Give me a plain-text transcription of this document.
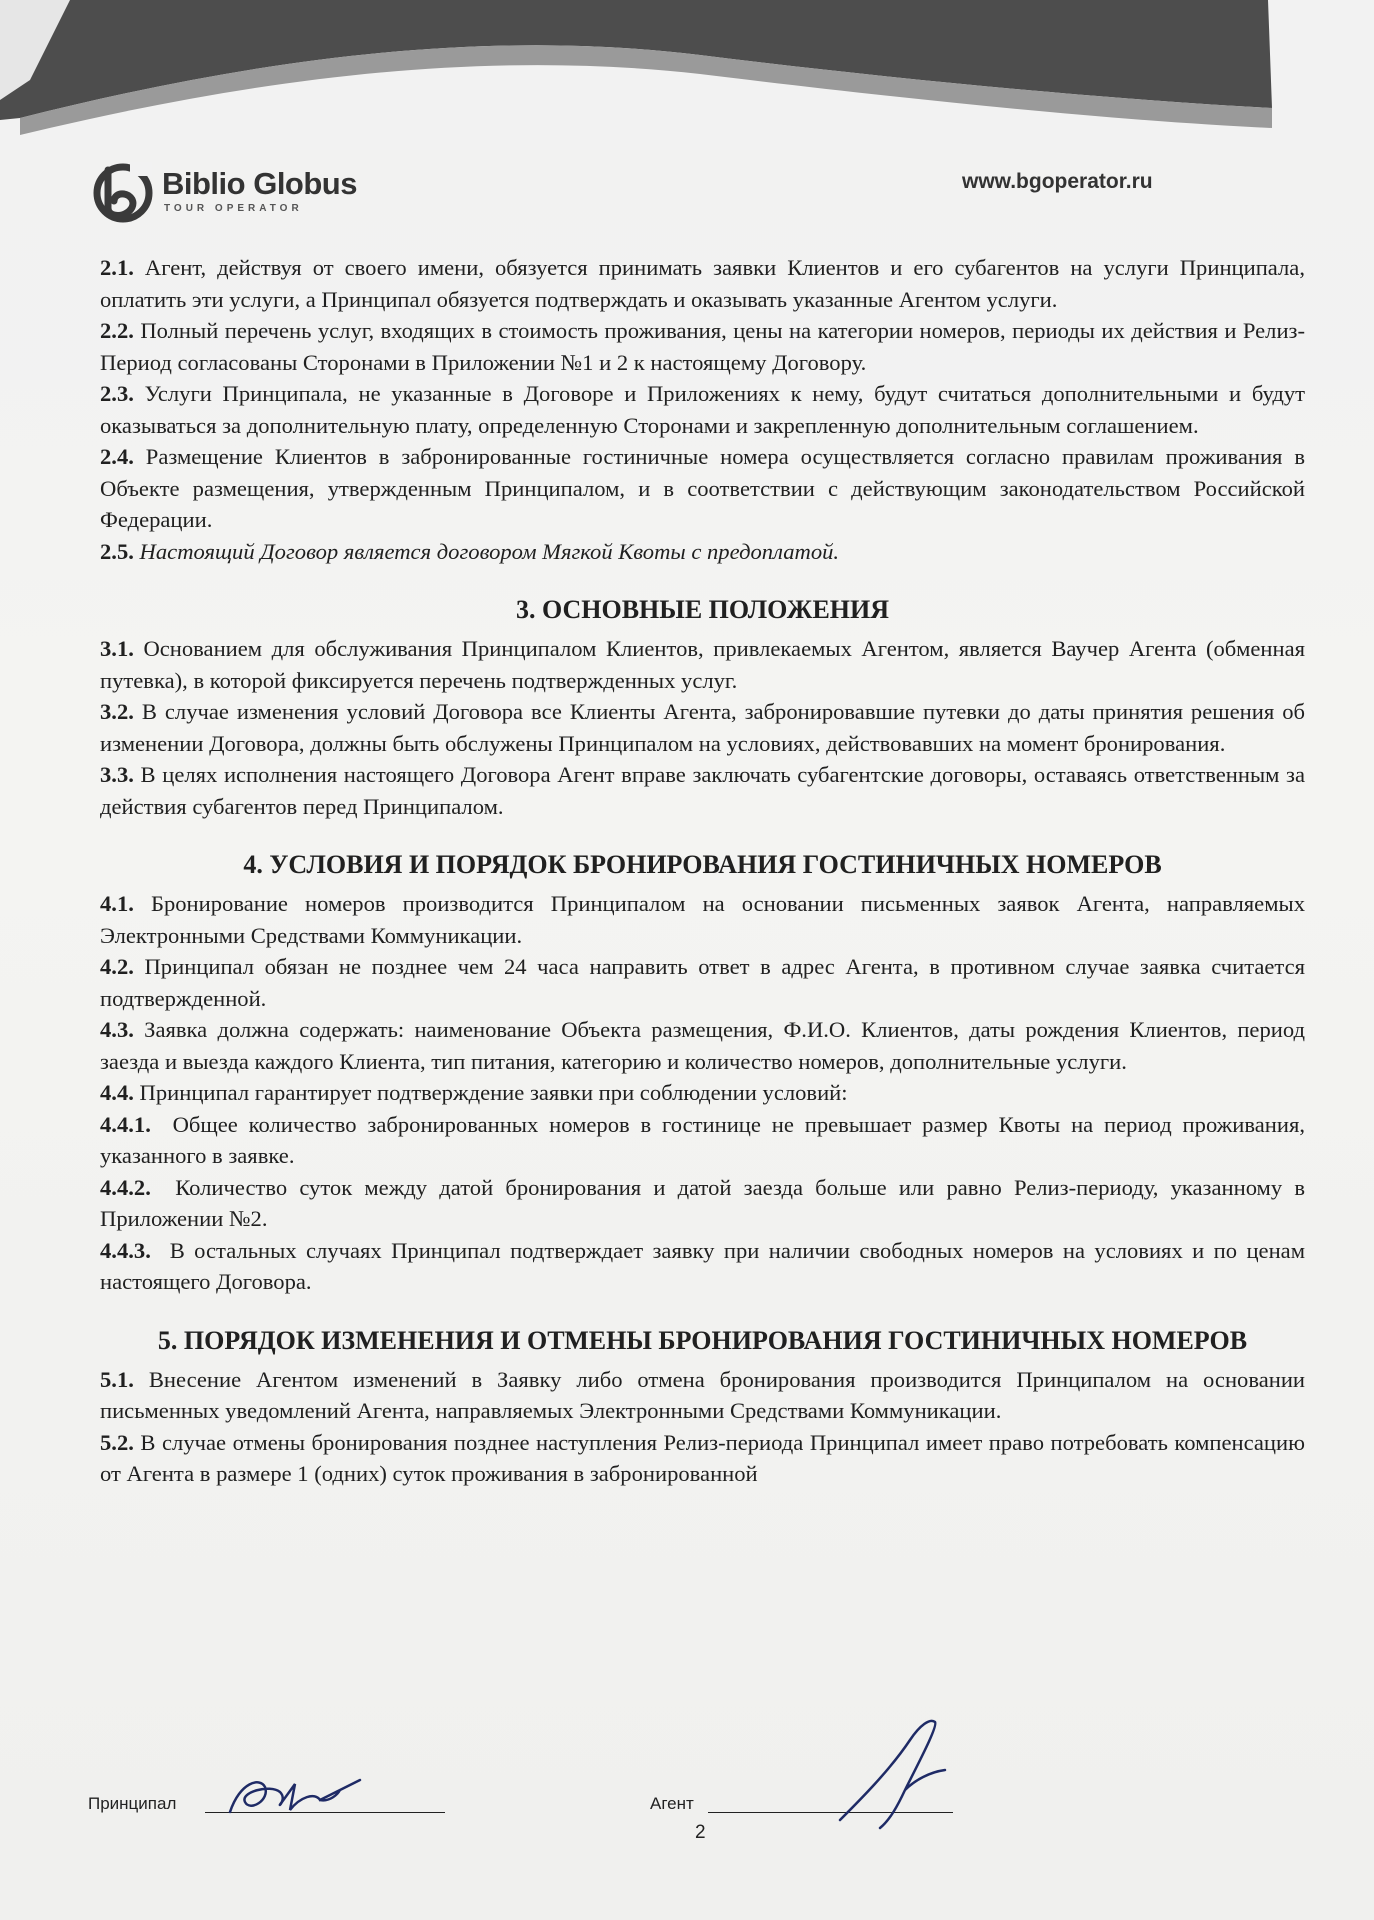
Biblio Globus
TOUR OPERATOR
www.bgoperator.ru

2.1. Агент, действуя от своего имени, обязуется принимать заявки Клиентов и его субагентов на услуги Принципала, оплатить эти услуги, а Принципал обязуется подтверждать и оказывать указанные Агентом услуги.

2.2. Полный перечень услуг, входящих в стоимость проживания, цены на категории номеров, периоды их действия и Релиз-Период согласованы Сторонами в Приложении №1 и 2 к настоящему Договору.

2.3. Услуги Принципала, не указанные в Договоре и Приложениях к нему, будут считаться дополнительными и будут оказываться за дополнительную плату, определенную Сторонами и закрепленную дополнительным соглашением.

2.4. Размещение Клиентов в забронированные гостиничные номера осуществляется согласно правилам проживания в Объекте размещения, утвержденным Принципалом, и в соответствии с действующим законодательством Российской Федерации.

2.5. Настоящий Договор является договором Мягкой Квоты с предоплатой.

3. ОСНОВНЫЕ ПОЛОЖЕНИЯ

3.1. Основанием для обслуживания Принципалом Клиентов, привлекаемых Агентом, является Ваучер Агента (обменная путевка), в которой фиксируется перечень подтвержденных услуг.

3.2. В случае изменения условий Договора все Клиенты Агента, забронировавшие путевки до даты принятия решения об изменении Договора, должны быть обслужены Принципалом на условиях, действовавших на момент бронирования.

3.3. В целях исполнения настоящего Договора Агент вправе заключать субагентские договоры, оставаясь ответственным за действия субагентов перед Принципалом.

4. УСЛОВИЯ И ПОРЯДОК БРОНИРОВАНИЯ ГОСТИНИЧНЫХ НОМЕРОВ

4.1. Бронирование номеров производится Принципалом на основании письменных заявок Агента, направляемых Электронными Средствами Коммуникации.

4.2. Принципал обязан не позднее чем 24 часа направить ответ в адрес Агента, в противном случае заявка считается подтвержденной.

4.3. Заявка должна содержать: наименование Объекта размещения, Ф.И.О. Клиентов, даты рождения Клиентов, период заезда и выезда каждого Клиента, тип питания, категорию и количество номеров, дополнительные услуги.

4.4. Принципал гарантирует подтверждение заявки при соблюдении условий:

4.4.1. Общее количество забронированных номеров в гостинице не превышает размер Квоты на период проживания, указанного в заявке.

4.4.2. Количество суток между датой бронирования и датой заезда больше или равно Релиз-периоду, указанному в Приложении №2.

4.4.3. В остальных случаях Принципал подтверждает заявку при наличии свободных номеров на условиях и по ценам настоящего Договора.

5. ПОРЯДОК ИЗМЕНЕНИЯ И ОТМЕНЫ БРОНИРОВАНИЯ ГОСТИНИЧНЫХ НОМЕРОВ

5.1. Внесение Агентом изменений в Заявку либо отмена бронирования производится Принципалом на основании письменных уведомлений Агента, направляемых Электронными Средствами Коммуникации.

5.2. В случае отмены бронирования позднее наступления Релиз-периода Принципал имеет право потребовать компенсацию от Агента в размере 1 (одних) суток проживания в забронированной

Принципал	Агент
2
